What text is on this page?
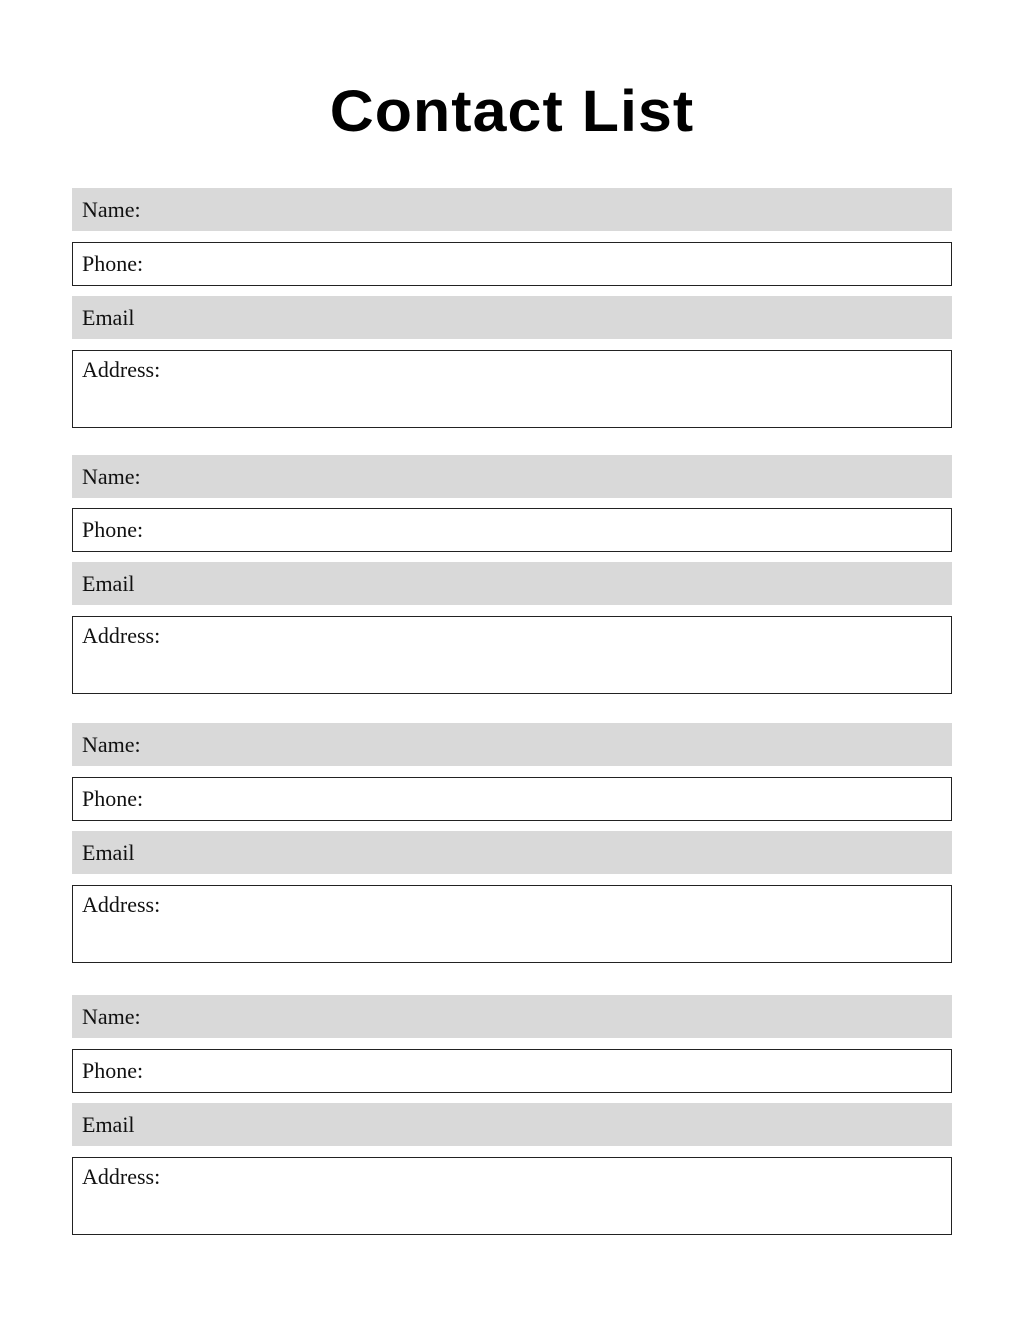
Contact List
Name:
Phone:
Email
Address:
Name:
Phone:
Email
Address:
Name:
Phone:
Email
Address:
Name:
Phone:
Email
Address:
